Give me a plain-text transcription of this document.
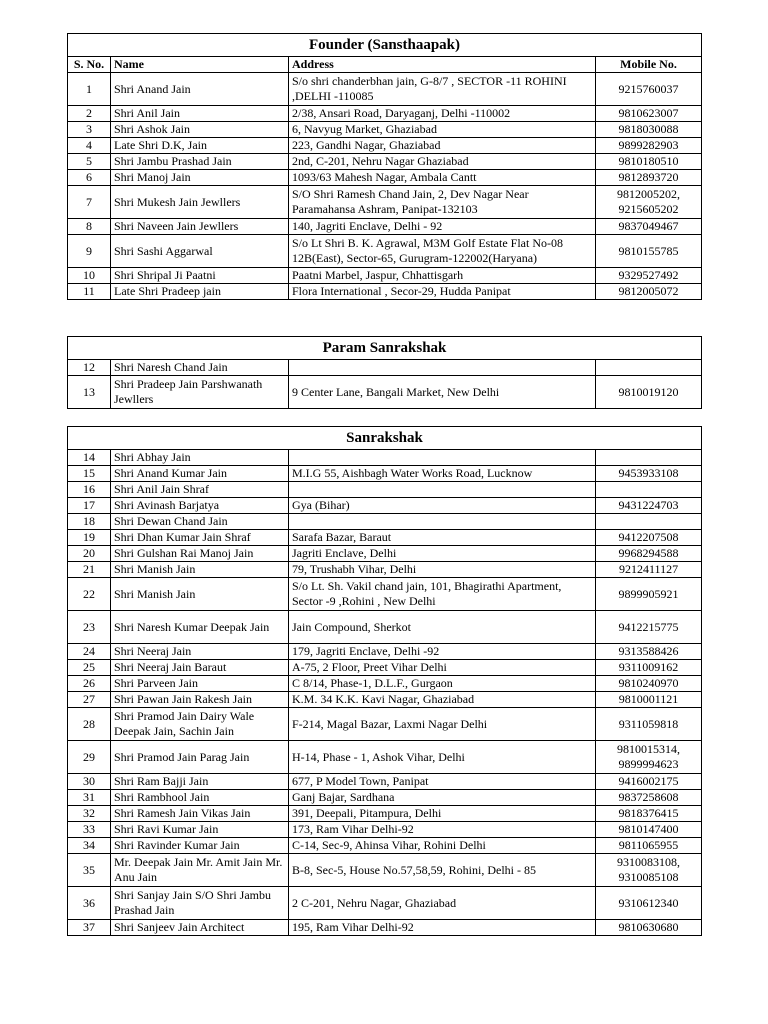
Founder (Sansthaapak)			
S. No.	Name	Address	Mobile No.
1	Shri Anand Jain	S/o shri chanderbhan jain, G-8/7 , SECTOR -11 ROHINI ,DELHI -110085	9215760037
2	Shri Anil Jain	2/38, Ansari Road, Daryaganj, Delhi -110002	9810623007
3	Shri Ashok Jain	6, Navyug Market, Ghaziabad	9818030088
4	Late Shri D.K, Jain	223, Gandhi Nagar, Ghaziabad	9899282903
5	Shri Jambu Prashad Jain	2nd, C-201, Nehru Nagar Ghaziabad	9810180510
6	Shri Manoj Jain	1093/63 Mahesh Nagar, Ambala Cantt	9812893720
7	Shri Mukesh Jain Jewllers	S/O Shri Ramesh Chand Jain, 2, Dev Nagar Near Paramahansa Ashram, Panipat-132103	9812005202, 9215605202
8	Shri Naveen Jain Jewllers	140, Jagriti Enclave, Delhi - 92	9837049467
9	Shri Sashi Aggarwal	S/o Lt Shri B. K. Agrawal, M3M Golf Estate Flat No-08 12B(East), Sector-65, Gurugram-122002(Haryana)	9810155785
10	Shri Shripal Ji Paatni	Paatni Marbel, Jaspur, Chhattisgarh	9329527492
11	Late Shri Pradeep jain	Flora International , Secor-29, Hudda Panipat	9812005072
Param Sanrakshak			
12	Shri Naresh Chand Jain		
13	Shri Pradeep Jain Parshwanath Jewllers	9 Center Lane, Bangali Market, New Delhi	9810019120
Sanrakshak			
14	Shri Abhay Jain		
15	Shri Anand Kumar Jain	M.I.G 55, Aishbagh Water Works Road, Lucknow	9453933108
16	Shri Anil Jain Shraf		
17	Shri Avinash Barjatya	Gya (Bihar)	9431224703
18	Shri Dewan Chand Jain		
19	Shri Dhan Kumar Jain Shraf	Sarafa Bazar, Baraut	9412207508
20	Shri Gulshan Rai Manoj Jain	Jagriti Enclave, Delhi	9968294588
21	Shri Manish Jain	79, Trushabh Vihar, Delhi	9212411127
22	Shri Manish Jain	S/o Lt. Sh. Vakil chand jain, 101, Bhagirathi Apartment, Sector -9 ,Rohini , New Delhi	9899905921
23	Shri Naresh Kumar Deepak Jain	Jain Compound, Sherkot	9412215775
24	Shri Neeraj Jain	179, Jagriti Enclave, Delhi -92	9313588426
25	Shri Neeraj Jain Baraut	A-75, 2 Floor, Preet Vihar Delhi	9311009162
26	Shri Parveen Jain	C 8/14, Phase-1, D.L.F., Gurgaon	9810240970
27	Shri Pawan Jain Rakesh Jain	K.M. 34 K.K. Kavi Nagar, Ghaziabad	9810001121
28	Shri Pramod Jain Dairy Wale Deepak Jain, Sachin Jain	F-214, Magal Bazar, Laxmi Nagar Delhi	9311059818
29	Shri Pramod Jain Parag Jain	H-14, Phase - 1, Ashok Vihar, Delhi	9810015314, 9899994623
30	Shri Ram Bajji Jain	677, P Model Town, Panipat	9416002175
31	Shri Rambhool Jain	Ganj Bajar, Sardhana	9837258608
32	Shri Ramesh Jain Vikas Jain	391, Deepali, Pitampura, Delhi	9818376415
33	Shri Ravi Kumar Jain	173, Ram Vihar Delhi-92	9810147400
34	Shri Ravinder Kumar Jain	C-14, Sec-9, Ahinsa Vihar, Rohini Delhi	9811065955
35	Mr. Deepak Jain Mr. Amit Jain Mr. Anu Jain	B-8, Sec-5, House No.57,58,59, Rohini, Delhi - 85	9310083108, 9310085108
36	Shri Sanjay Jain S/O Shri Jambu Prashad Jain	2 C-201, Nehru Nagar, Ghaziabad	9310612340
37	Shri Sanjeev Jain Architect	195, Ram Vihar Delhi-92	9810630680
